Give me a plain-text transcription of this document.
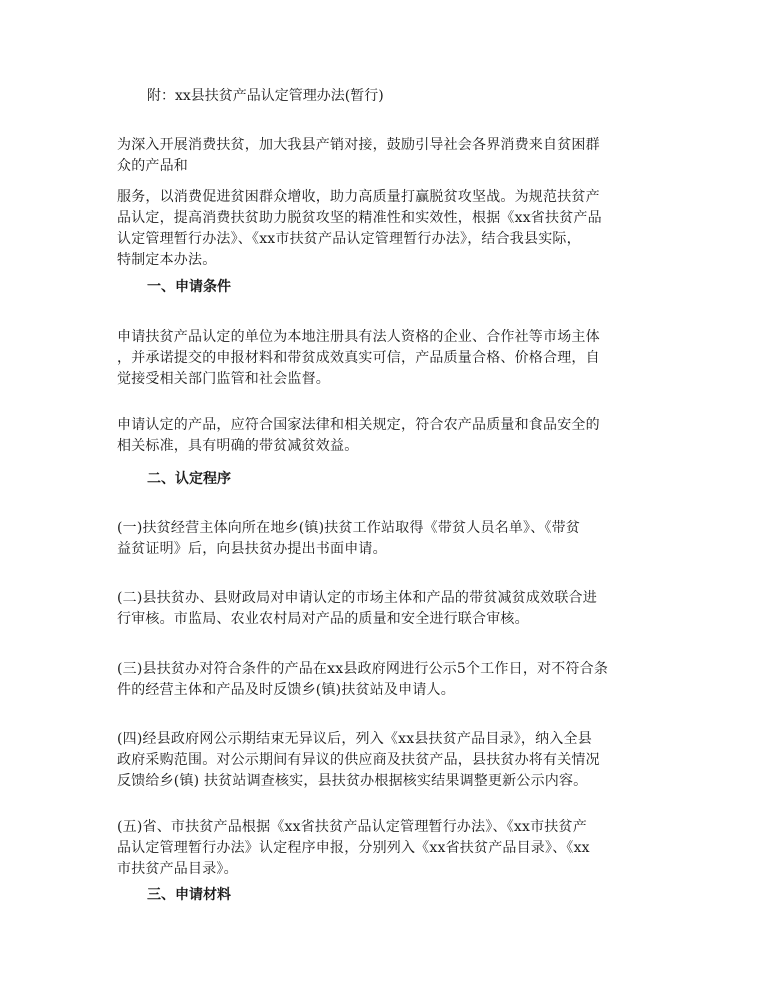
附：xx县扶贫产品认定管理办法(暂行)

为深入开展消费扶贫，加大我县产销对接，鼓励引导社会各界消费来自贫困群
众的产品和

服务，以消费促进贫困群众增收，助力高质量打赢脱贫攻坚战。为规范扶贫产
品认定，提高消费扶贫助力脱贫攻坚的精准性和实效性，根据《xx省扶贫产品
认定管理暂行办法》、《xx市扶贫产品认定管理暂行办法》，结合我县实际，
特制定本办法。

一、申请条件

申请扶贫产品认定的单位为本地注册具有法人资格的企业、合作社等市场主体
，并承诺提交的申报材料和带贫成效真实可信，产品质量合格、价格合理，自
觉接受相关部门监管和社会监督。

申请认定的产品，应符合国家法律和相关规定，符合农产品质量和食品安全的
相关标准，具有明确的带贫减贫效益。

二、认定程序

(一)扶贫经营主体向所在地乡(镇)扶贫工作站取得《带贫人员名单》、《带贫
益贫证明》后，向县扶贫办提出书面申请。

(二)县扶贫办、县财政局对申请认定的市场主体和产品的带贫减贫成效联合进
行审核。市监局、农业农村局对产品的质量和安全进行联合审核。

(三)县扶贫办对符合条件的产品在xx县政府网进行公示5个工作日，对不符合条
件的经营主体和产品及时反馈乡(镇)扶贫站及申请人。

(四)经县政府网公示期结束无异议后，列入《xx县扶贫产品目录》，纳入全县
政府采购范围。对公示期间有异议的供应商及扶贫产品，县扶贫办将有关情况
反馈给乡(镇) 扶贫站调查核实，县扶贫办根据核实结果调整更新公示内容。

(五)省、市扶贫产品根据《xx省扶贫产品认定管理暂行办法》、《xx市扶贫产
品认定管理暂行办法》认定程序申报，分别列入《xx省扶贫产品目录》、《xx
市扶贫产品目录》。

三、申请材料
